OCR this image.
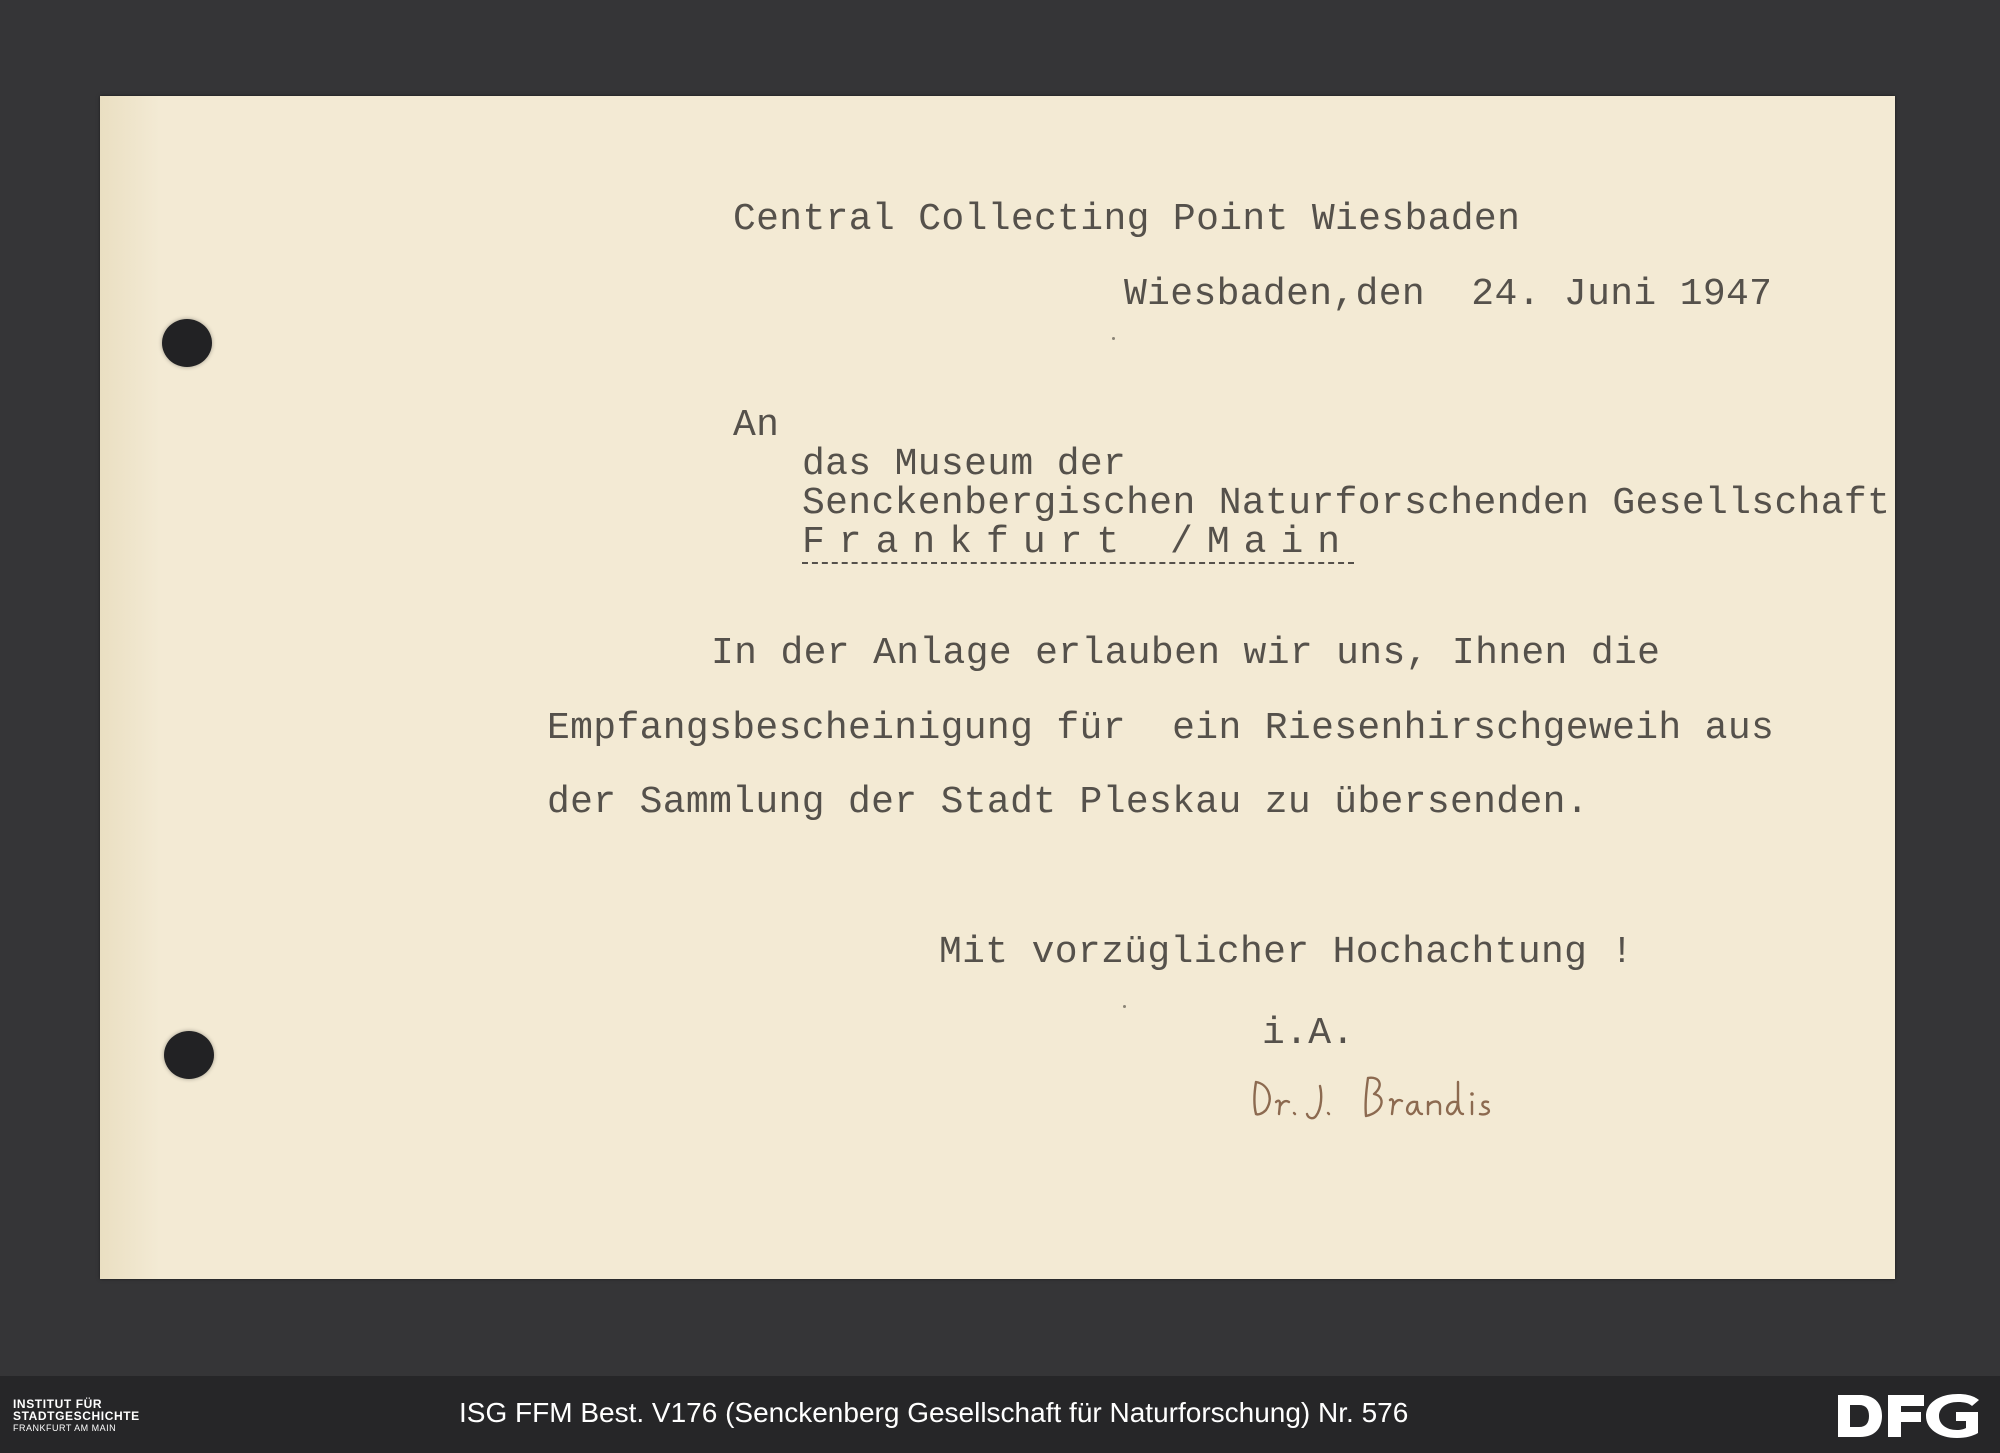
Central Collecting Point Wiesbaden
Wiesbaden,den  24. Juni 1947
An
das Museum der
Senckenbergischen Naturforschenden Gesellschaft
Frankfurt /Main
In der Anlage erlauben wir uns, Ihnen die
Empfangsbescheinigung für  ein Riesenhirschgeweih aus
der Sammlung der Stadt Pleskau zu übersenden.
Mit vorzüglicher Hochachtung !
i.A.
INSTITUT FÜR
STADTGESCHICHTE
FRANKFURT AM MAIN	ISG FFM Best. V176 (Senckenberg Gesellschaft für Naturforschung) Nr. 576
